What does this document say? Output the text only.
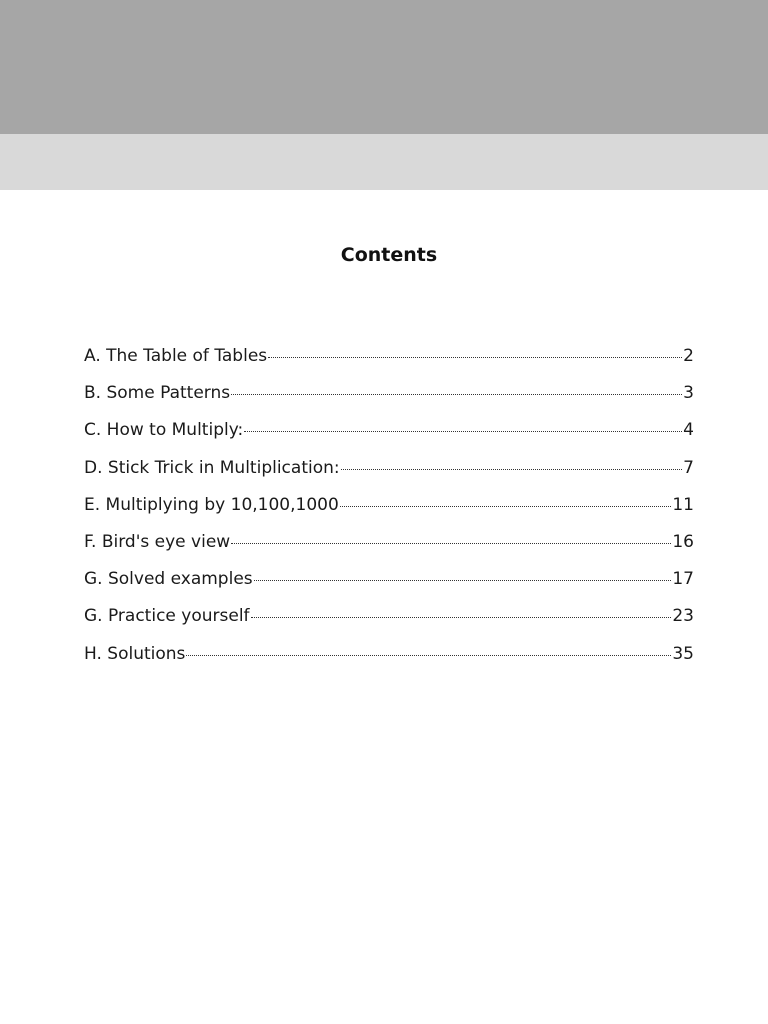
Contents
A. The Table of Tables	2
B. Some Patterns	3
C. How to Multiply:	4
D. Stick Trick in Multiplication:	7
E. Multiplying by 10,100,1000	11
F. Bird's eye view	16
G. Solved examples	17
G. Practice yourself	23
H. Solutions	35
